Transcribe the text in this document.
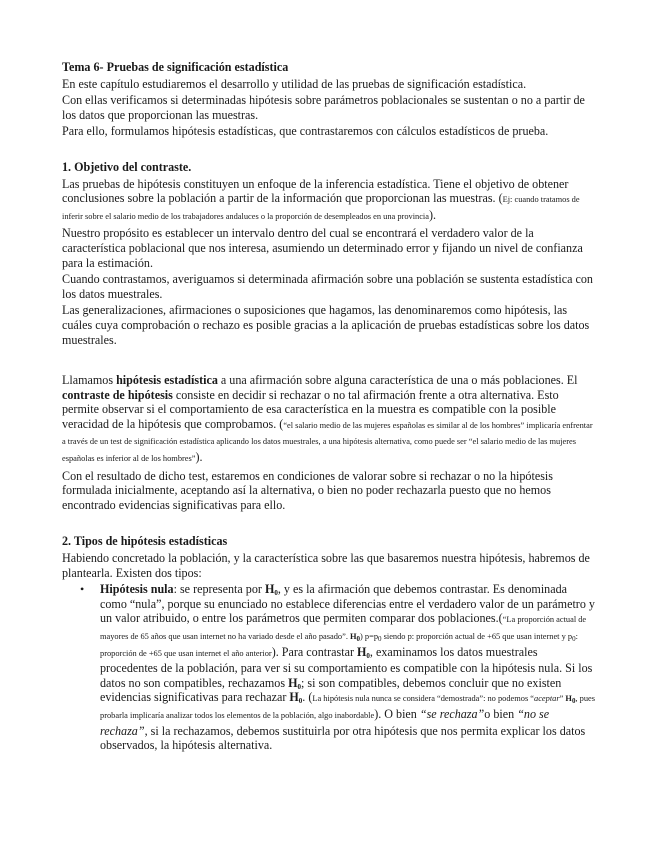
Tema 6- Pruebas de significación estadística

En este capítulo estudiaremos el desarrollo y utilidad de las pruebas de significación estadística.

Con ellas verificamos si determinadas hipótesis sobre parámetros poblacionales se sustentan o no a partir de los datos que proporcionan las muestras.

Para ello, formulamos hipótesis estadísticas, que contrastaremos con cálculos estadísticos de prueba.

1. Objetivo del contraste.

Las pruebas de hipótesis constituyen un enfoque de la inferencia estadística. Tiene el objetivo de obtener conclusiones sobre la población a partir de la información que proporcionan las muestras. (Ej: cuando tratamos de inferir sobre el salario medio de los trabajadores andaluces o la proporción de desempleados en una provincia).

Nuestro propósito es establecer un intervalo dentro del cual se encontrará el verdadero valor de la característica poblacional que nos interesa, asumiendo un determinado error y fijando un nivel de confianza para la estimación.

Cuando contrastamos, averiguamos si determinada afirmación sobre una población se sustenta estadística con los datos muestrales.

Las generalizaciones, afirmaciones o suposiciones que hagamos, las denominaremos como hipótesis, las cuáles cuya comprobación o rechazo es posible gracias a la aplicación de pruebas estadísticas sobre los datos muestrales.

Llamamos hipótesis estadística a una afirmación sobre alguna característica de una o más poblaciones. El contraste de hipótesis consiste en decidir si rechazar o no tal afirmación frente a otra alternativa. Esto permite observar si el comportamiento de esa característica en la muestra es compatible con la posible veracidad de la hipótesis que comprobamos. (“el salario medio de las mujeres españolas es similar al de los hombres” implicaría enfrentar a través de un test de significación estadística aplicando los datos muestrales, a una hipótesis alternativa, como puede ser “el salario medio de las mujeres españolas es inferior al de los hombres”).

Con el resultado de dicho test, estaremos en condiciones de valorar sobre si rechazar o no la hipótesis formulada inicialmente, aceptando así la alternativa, o bien no poder rechazarla puesto que no hemos encontrado evidencias significativas para ello.

2. Tipos de hipótesis estadísticas

Habiendo concretado la población, y la característica sobre las que basaremos nuestra hipótesis, habremos de plantearla. Existen dos tipos:

• Hipótesis nula: se representa por $H_0$, y es la afirmación que debemos contrastar. Es denominada como “nula”, porque su enunciado no establece diferencias entre el verdadero valor de un parámetro y un valor atribuido, o entre los parámetros que permiten comparar dos poblaciones.(“La proporción actual de mayores de 65 años que usan internet no ha variado desde el año pasado”. $H_0$) $p=p_0$ siendo p: proporción actual de +65 que usan internet y $p_0$: proporción de +65 que usan internet el año anterior). Para contrastar $H_0$, examinamos los datos muestrales procedentes de la población, para ver si su comportamiento es compatible con la hipótesis nula. Si los datos no son compatibles, rechazamos $H_0$; si son compatibles, debemos concluir que no existen evidencias significativas para rechazar $H_0$. (La hipótesis nula nunca se considera “demostrada”: no podemos “aceptar” $H_0$, pues probarla implicaría analizar todos los elementos de la población, algo inabordable). O bien “se rechaza”o bien “no se rechaza”, si la rechazamos, debemos sustituirla por otra hipótesis que nos permita explicar los datos observados, la hipótesis alternativa.
